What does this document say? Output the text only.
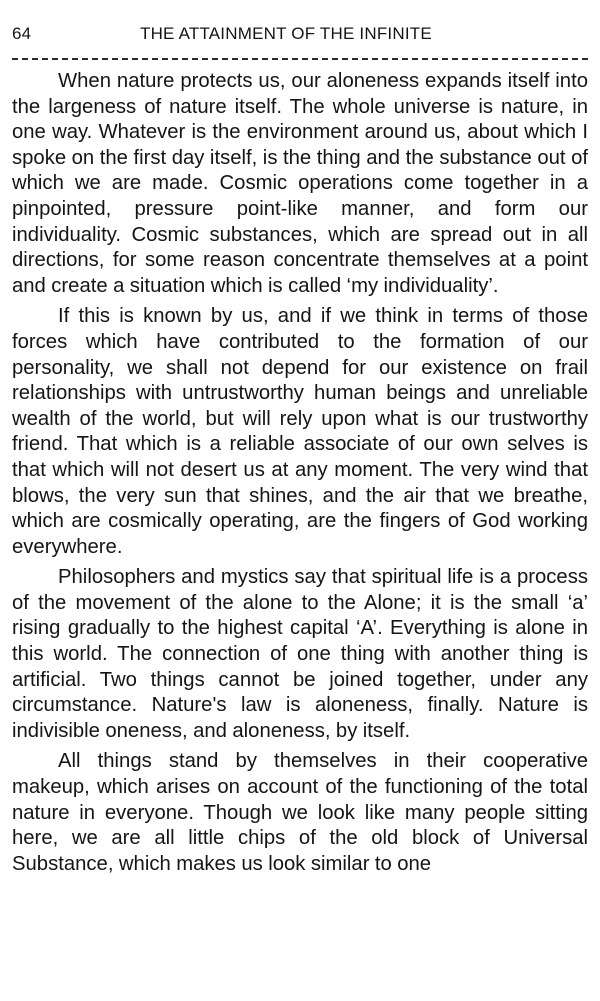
64	THE ATTAINMENT OF THE INFINITE

When nature protects us, our aloneness expands itself into the largeness of nature itself. The whole universe is nature, in one way. Whatever is the environment around us, about which I spoke on the first day itself, is the thing and the substance out of which we are made. Cosmic operations come together in a pinpointed, pressure point-like manner, and form our individuality. Cosmic substances, which are spread out in all directions, for some reason concentrate themselves at a point and create a situation which is called ‘my individuality’.

If this is known by us, and if we think in terms of those forces which have contributed to the formation of our personality, we shall not depend for our existence on frail relationships with untrustworthy human beings and unreliable wealth of the world, but will rely upon what is our trustworthy friend. That which is a reliable associate of our own selves is that which will not desert us at any moment. The very wind that blows, the very sun that shines, and the air that we breathe, which are cosmically operating, are the fingers of God working everywhere.

Philosophers and mystics say that spiritual life is a process of the movement of the alone to the Alone; it is the small ‘a’ rising gradually to the highest capital ‘A’. Everything is alone in this world. The connection of one thing with another thing is artificial. Two things cannot be joined together, under any circumstance. Nature's law is aloneness, finally. Nature is indivisible oneness, and aloneness, by itself.

All things stand by themselves in their cooperative makeup, which arises on account of the functioning of the total nature in everyone. Though we look like many people sitting here, we are all little chips of the old block of Universal Substance, which makes us look similar to one
